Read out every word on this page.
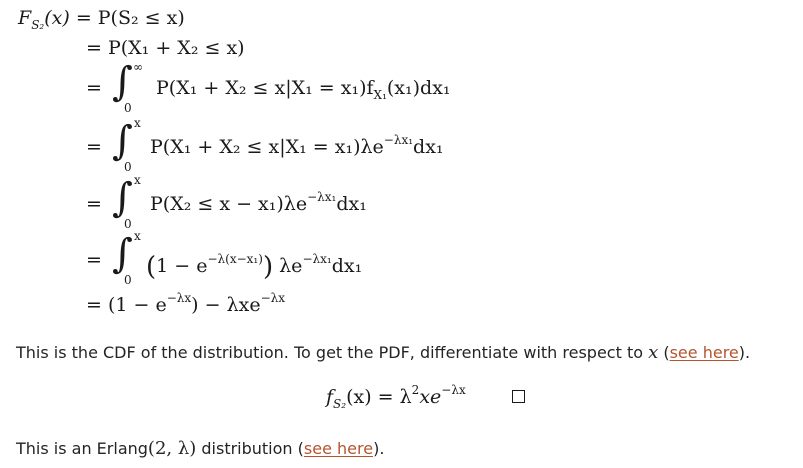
$F_{S_2}(x) = P(S_2 \le x)$
= P(X₁ + X₂ ≤ x)
= ∫ ∞
0
$P(X_1 + X_2 \le x|X_1 = x_1)f_{X_1}(x_1)dx_1$
= ∫ x
0
$P(X_1 + X_2 \le x|X_1 = x_1)\lambda e^{-\lambda x_1}dx_1$
= ∫ x
0
$P(X_2 \le x - x_1)\lambda e^{-\lambda x_1}dx_1$
= ∫ x
0 $(1 - e^{-\lambda(x-x_1)})$ $\lambda e^{-\lambda x_1}dx_1$
= $(1 - e^{-\lambda x}) - \lambda xe^{-\lambda x}$
This is the CDF of the distribution. To get the PDF, differentiate with respect to x (see here).
$f_{S_2}(x) = \lambda^2xe^{-\lambda x}$
This is an Erlang(2, λ) distribution (see here).
